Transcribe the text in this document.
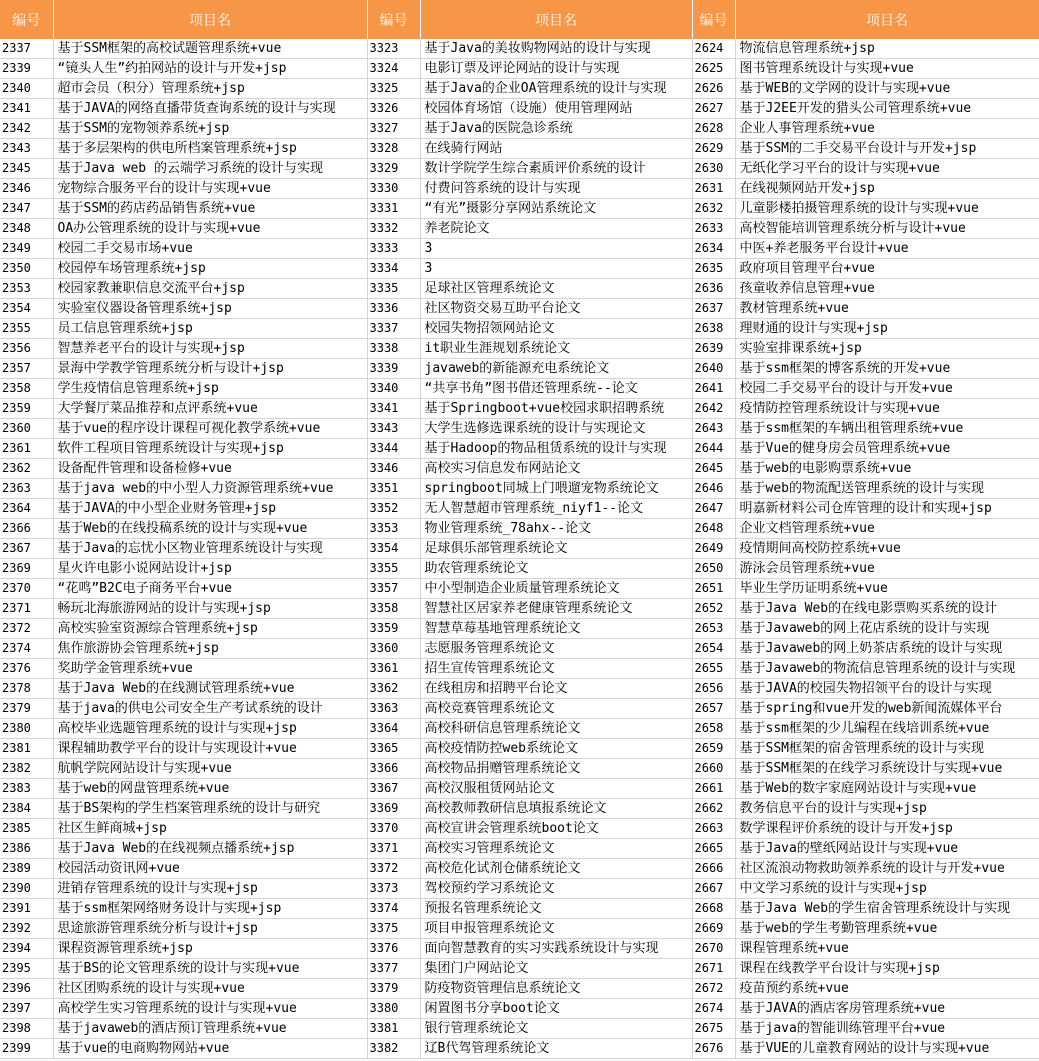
编号	项目名	编号	项目名	编号	项目名
2337	基于SSM框架的高校试题管理系统+vue	3323	基于Java的美妆购物网站的设计与实现	2624	物流信息管理系统+jsp
2339	“镜头人生”约拍网站的设计与开发+jsp	3324	电影订票及评论网站的设计与实现	2625	图书管理系统设计与实现+vue
2340	超市会员（积分）管理系统+jsp	3325	基于Java的企业OA管理系统的设计与实现	2626	基于WEB的文学网的设计与实现+vue
2341	基于JAVA的网络直播带货查询系统的设计与实现	3326	校园体育场馆（设施）使用管理网站	2627	基于J2EE开发的猎头公司管理系统+vue
2342	基于SSM的宠物领养系统+jsp	3327	基于Java的医院急诊系统	2628	企业人事管理系统+vue
2343	基于多层架构的供电所档案管理系统+jsp	3328	在线骑行网站	2629	基于SSM的二手交易平台设计与开发+jsp
2345	基于Java web 的云端学习系统的设计与实现	3329	数计学院学生综合素质评价系统的设计	2630	无纸化学习平台的设计与实现+vue
2346	宠物综合服务平台的设计与实现+vue	3330	付费问答系统的设计与实现	2631	在线视频网站开发+jsp
2347	基于SSM的药店药品销售系统+vue	3331	“有光”摄影分享网站系统论文	2632	儿童影楼拍摄管理系统的设计与实现+vue
2348	OA办公管理系统的设计与实现+vue	3332	养老院论文	2633	高校智能培训管理系统分析与设计+vue
2349	校园二手交易市场+vue	3333	3	2634	中医+养老服务平台设计+vue
2350	校园停车场管理系统+jsp	3334	3	2635	政府项目管理平台+vue
2353	校园家教兼职信息交流平台+jsp	3335	足球社区管理系统论文	2636	孩童收养信息管理+vue
2354	实验室仪器设备管理系统+jsp	3336	社区物资交易互助平台论文	2637	教材管理系统+vue
2355	员工信息管理系统+jsp	3337	校园失物招领网站论文	2638	理财通的设计与实现+jsp
2356	智慧养老平台的设计与实现+jsp	3338	it职业生涯规划系统论文	2639	实验室排课系统+jsp
2357	景海中学教学管理系统分析与设计+jsp	3339	javaweb的新能源充电系统论文	2640	基于ssm框架的博客系统的开发+vue
2358	学生疫情信息管理系统+jsp	3340	“共享书角”图书借还管理系统--论文	2641	校园二手交易平台的设计与开发+vue
2359	大学餐厅菜品推荐和点评系统+vue	3341	基于Springboot+vue校园求职招聘系统	2642	疫情防控管理系统设计与实现+vue
2360	基于vue的程序设计课程可视化教学系统+vue	3343	大学生选修选课系统的设计与实现论文	2643	基于ssm框架的车辆出租管理系统+vue
2361	软件工程项目管理系统设计与实现+jsp	3344	基于Hadoop的物品租赁系统的设计与实现	2644	基于Vue的健身房会员管理系统+vue
2362	设备配件管理和设备检修+vue	3346	高校实习信息发布网站论文	2645	基于web的电影购票系统+vue
2363	基于java web的中小型人力资源管理系统+vue	3351	springboot同城上门喂遛宠物系统论文	2646	基于web的物流配送管理系统的设计与实现
2364	基于JAVA的中小型企业财务管理+jsp	3352	无人智慧超市管理系统_niyf1--论文	2647	明嘉新材料公司仓库管理的设计和实现+jsp
2366	基于Web的在线投稿系统的设计与实现+vue	3353	物业管理系统_78ahx--论文	2648	企业文档管理系统+vue
2367	基于Java的忘忧小区物业管理系统设计与实现	3354	足球俱乐部管理系统论文	2649	疫情期间高校防控系统+vue
2369	星火许电影小说网站设计+jsp	3355	助农管理系统论文	2650	游泳会员管理系统+vue
2370	“花鸣”B2C电子商务平台+vue	3357	中小型制造企业质量管理系统论文	2651	毕业生学历证明系统+vue
2371	畅玩北海旅游网站的设计与实现+jsp	3358	智慧社区居家养老健康管理系统论文	2652	基于Java Web的在线电影票购买系统的设计
2372	高校实验室资源综合管理系统+jsp	3359	智慧草莓基地管理系统论文	2653	基于Javaweb的网上花店系统的设计与实现
2374	焦作旅游协会管理系统+jsp	3360	志愿服务管理系统论文	2654	基于Javaweb的网上奶茶店系统的设计与实现
2376	奖助学金管理系统+vue	3361	招生宣传管理系统论文	2655	基于Javaweb的物流信息管理系统的设计与实现
2378	基于Java Web的在线测试管理系统+vue	3362	在线租房和招聘平台论文	2656	基于JAVA的校园失物招领平台的设计与实现
2379	基于java的供电公司安全生产考试系统的设计	3363	高校竞赛管理系统论文	2657	基于spring和vue开发的web新闻流媒体平台
2380	高校毕业选题管理系统的设计与实现+jsp	3364	高校科研信息管理系统论文	2658	基于ssm框架的少儿编程在线培训系统+vue
2381	课程辅助教学平台的设计与实现设计+vue	3365	高校疫情防控web系统论文	2659	基于SSM框架的宿舍管理系统的设计与实现
2382	航帆学院网站设计与实现+vue	3366	高校物品捐赠管理系统论文	2660	基于SSM框架的在线学习系统设计与实现+vue
2383	基于web的网盘管理系统+vue	3367	高校汉服租赁网站论文	2661	基于Web的数字家庭网站设计与实现+vue
2384	基于BS架构的学生档案管理系统的设计与研究	3369	高校教师教研信息填报系统论文	2662	教务信息平台的设计与实现+jsp
2385	社区生鲜商城+jsp	3370	高校宣讲会管理系统boot论文	2663	数学课程评价系统的设计与开发+jsp
2386	基于Java Web的在线视频点播系统+jsp	3371	高校实习管理系统论文	2665	基于Java的壁纸网站设计与实现+vue
2389	校园活动资讯网+vue	3372	高校危化试剂仓储系统论文	2666	社区流浪动物救助领养系统的设计与开发+vue
2390	进销存管理系统的设计与实现+jsp	3373	驾校预约学习系统论文	2667	中文学习系统的设计与实现+jsp
2391	基于ssm框架网络财务设计与实现+jsp	3374	预报名管理系统论文	2668	基于Java Web的学生宿舍管理系统设计与实现
2392	思途旅游管理系统分析与设计+jsp	3375	项目申报管理系统论文	2669	基于web的学生考勤管理系统+vue
2394	课程资源管理系统+jsp	3376	面向智慧教育的实习实践系统设计与实现	2670	课程管理系统+vue
2395	基于BS的论文管理系统的设计与实现+vue	3377	集团门户网站论文	2671	课程在线教学平台设计与实现+jsp
2396	社区团购系统的设计与实现+vue	3379	防疫物资管理信息系统论文	2672	疫苗预约系统+vue
2397	高校学生实习管理系统的设计与实现+vue	3380	闲置图书分享boot论文	2674	基于JAVA的酒店客房管理系统+vue
2398	基于javaweb的酒店预订管理系统+vue	3381	银行管理系统论文	2675	基于java的智能训练管理平台+vue
2399	基于vue的电商购物网站+vue	3382	辽B代驾管理系统论文	2676	基于VUE的儿童教育网站的设计与实现+vue
